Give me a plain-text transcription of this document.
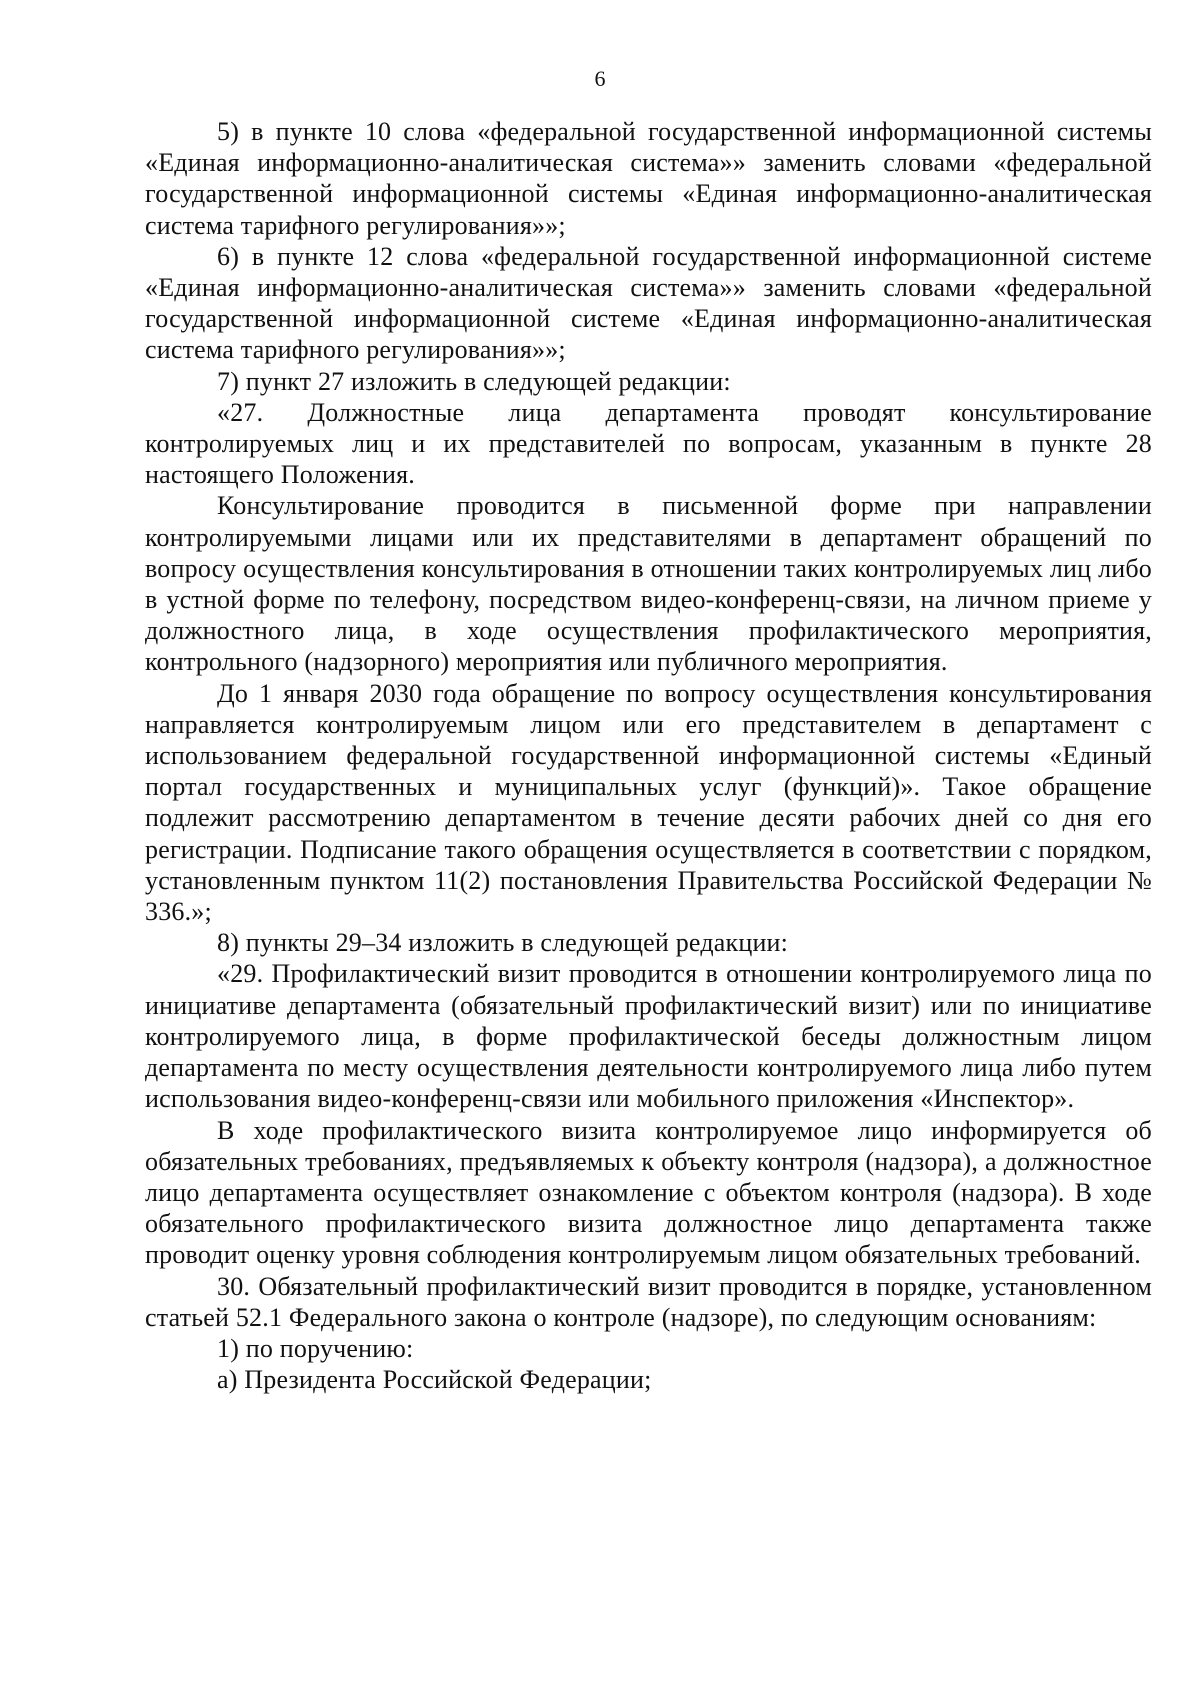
6

5) в пункте 10 слова «федеральной государственной информационной системы «Единая информационно-аналитическая система»» заменить словами «федеральной государственной информационной системы «Единая информационно-аналитическая система тарифного регулирования»»;

6) в пункте 12 слова «федеральной государственной информационной системе «Единая информационно-аналитическая система»» заменить словами «федеральной государственной информационной системе «Единая информационно-аналитическая система тарифного регулирования»»;

7) пункт 27 изложить в следующей редакции:

«27. Должностные лица департамента проводят консультирование контролируемых лиц и их представителей по вопросам, указанным в пункте 28 настоящего Положения.

Консультирование проводится в письменной форме при направлении контролируемыми лицами или их представителями в департамент обращений по вопросу осуществления консультирования в отношении таких контролируемых лиц либо в устной форме по телефону, посредством видео-конференц-связи, на личном приеме у должностного лица, в ходе осуществления профилактического мероприятия, контрольного (надзорного) мероприятия или публичного мероприятия.

До 1 января 2030 года обращение по вопросу осуществления консультирования направляется контролируемым лицом или его представителем в департамент с использованием федеральной государственной информационной системы «Единый портал государственных и муниципальных услуг (функций)». Такое обращение подлежит рассмотрению департаментом в течение десяти рабочих дней со дня его регистрации. Подписание такого обращения осуществляется в соответствии с порядком, установленным пунктом 11(2) постановления Правительства Российской Федерации № 336.»;

8) пункты 29–34 изложить в следующей редакции:

«29. Профилактический визит проводится в отношении контролируемого лица по инициативе департамента (обязательный профилактический визит) или по инициативе контролируемого лица, в форме профилактической беседы должностным лицом департамента по месту осуществления деятельности контролируемого лица либо путем использования видео-конференц-связи или мобильного приложения «Инспектор».

В ходе профилактического визита контролируемое лицо информируется об обязательных требованиях, предъявляемых к объекту контроля (надзора), а должностное лицо департамента осуществляет ознакомление с объектом контроля (надзора). В ходе обязательного профилактического визита должностное лицо департамента также проводит оценку уровня соблюдения контролируемым лицом обязательных требований.

30. Обязательный профилактический визит проводится в порядке, установленном статьей 52.1 Федерального закона о контроле (надзоре), по следующим основаниям:

1) по поручению:

а) Президента Российской Федерации;
